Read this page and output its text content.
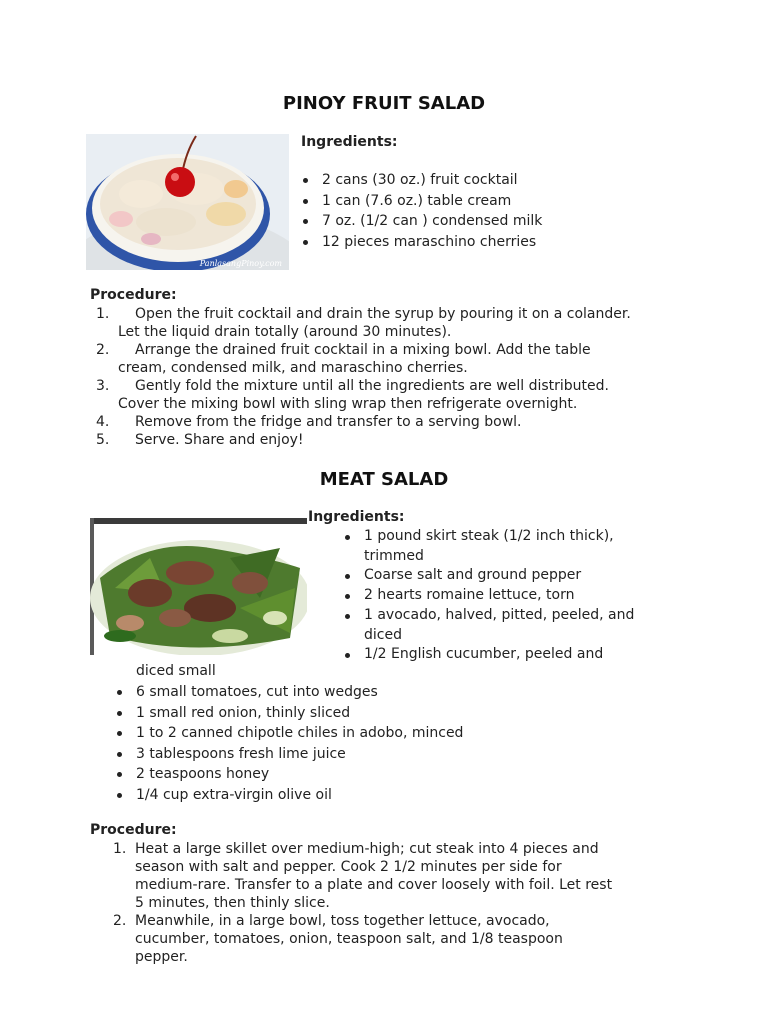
PINOY FRUIT SALAD
PanlasangPinoy.com
Ingredients:
2 cans (30 oz.) fruit cocktail
1 can (7.6 oz.) table cream
7 oz. (1/2 can ) condensed milk
12 pieces maraschino cherries
Procedure:
1.	Open the fruit cocktail and drain the syrup by pouring it on a colander.
Let the liquid drain totally (around 30 minutes).
2.	Arrange the drained fruit cocktail in a mixing bowl. Add the table
cream, condensed milk, and maraschino cherries.
3.	Gently fold the mixture until all the ingredients are well distributed.
Cover the mixing bowl with sling wrap then refrigerate overnight.
4.	Remove from the fridge and transfer to a serving bowl.
5.	Serve. Share and enjoy!
MEAT SALAD
Ingredients:
1 pound skirt steak (1/2 inch thick),
trimmed
Coarse salt and ground pepper
2 hearts romaine lettuce, torn
1 avocado, halved, pitted, peeled, and
diced
1/2 English cucumber, peeled and
diced small
6 small tomatoes, cut into wedges
1 small red onion, thinly sliced
1 to 2 canned chipotle chiles in adobo, minced
3 tablespoons fresh lime juice
2 teaspoons honey
1/4 cup extra-virgin olive oil
Procedure:
1. Heat a large skillet over medium-high; cut steak into 4 pieces and
season with salt and pepper. Cook 2 1/2 minutes per side for
medium-rare. Transfer to a plate and cover loosely with foil. Let rest
5 minutes, then thinly slice.
2. Meanwhile, in a large bowl, toss together lettuce, avocado,
cucumber, tomatoes, onion, teaspoon salt, and 1/8 teaspoon
pepper.
